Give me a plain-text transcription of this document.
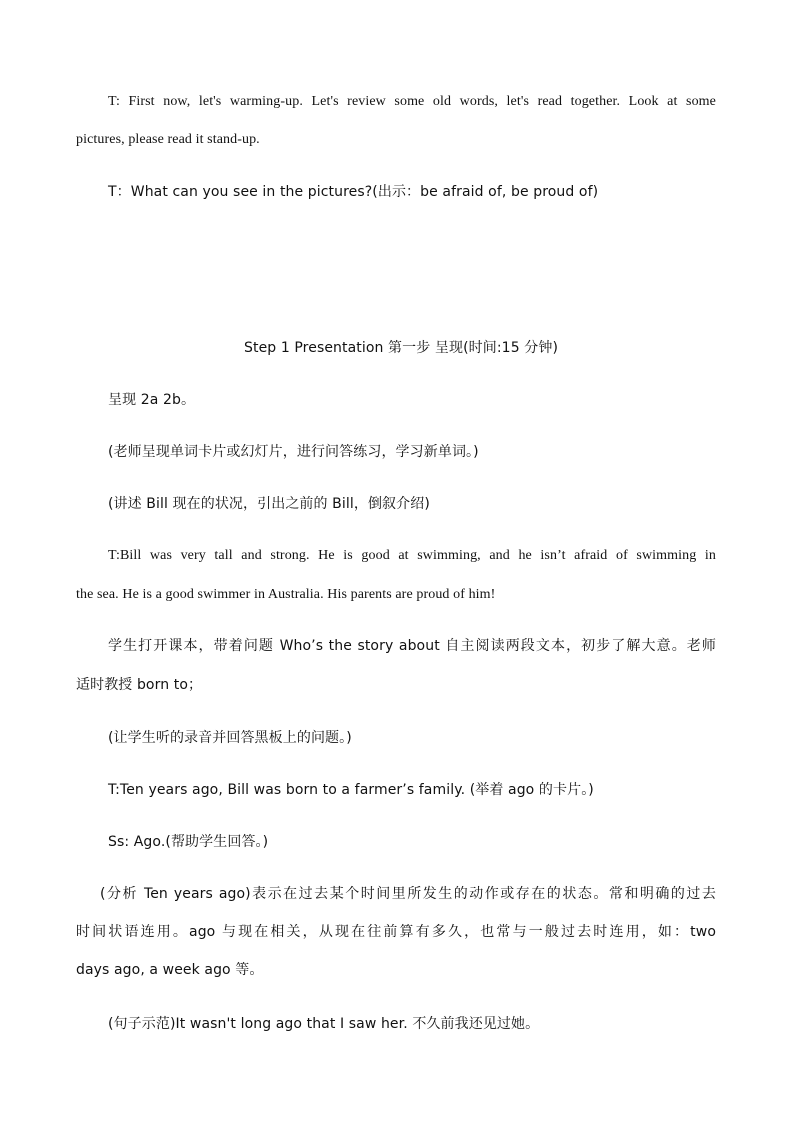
T: First now, let's warming-up. Let's review some old words, let's read together. Look at some
pictures, please read it stand-up.
T：What can you see in the pictures?(出示：be afraid of, be proud of)
Step 1 Presentation 第一步 呈现(时间:15 分钟)
呈现 2a 2b。
(老师呈现单词卡片或幻灯片，进行问答练习，学习新单词。)
(讲述 Bill 现在的状况，引出之前的 Bill，倒叙介绍)
T:Bill was very tall and strong. He is good at swimming, and he isn’t afraid of swimming in
the sea. He is a good swimmer in Australia. His parents are proud of him!
学生打开课本，带着问题 Who’s the story about 自主阅读两段文本，初步了解大意。老师
适时教授 born to；
(让学生听的录音并回答黑板上的问题。)
T:Ten years ago, Bill was born to a farmer’s family. (举着 ago 的卡片。)
Ss: Ago.(帮助学生回答。)
(分析 Ten years ago)表示在过去某个时间里所发生的动作或存在的状态。常和明确的过去
时间状语连用。ago 与现在相关，从现在往前算有多久，也常与一般过去时连用，如：two
days ago, a week ago 等。
(句子示范)It wasn't long ago that I saw her. 不久前我还见过她。
